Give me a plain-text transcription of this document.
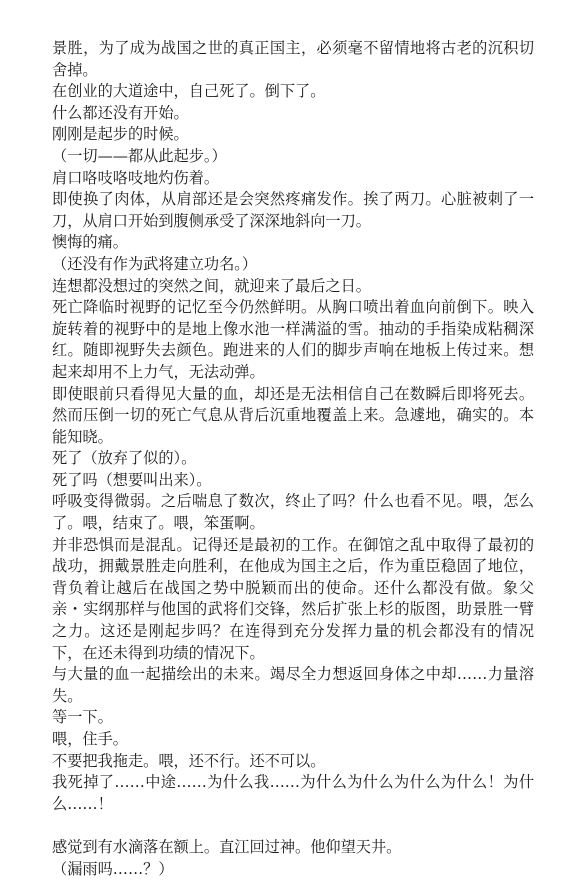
景胜，为了成为战国之世的真正国主，必须毫不留情地将古老的沉积切舍掉。

在创业的大道途中，自己死了。倒下了。

什么都还没有开始。

刚刚是起步的时候。

（一切——都从此起步。）

肩口咯吱咯吱地灼伤着。

即使换了肉体，从肩部还是会突然疼痛发作。挨了两刀。心脏被刺了一刀，从肩口开始到腹侧承受了深深地斜向一刀。

懊悔的痛。

（还没有作为武将建立功名。）

连想都没想过的突然之间，就迎来了最后之日。

死亡降临时视野的记忆至今仍然鲜明。从胸口喷出着血向前倒下。映入旋转着的视野中的是地上像水池一样满溢的雪。抽动的手指染成粘稠深红。随即视野失去颜色。跑进来的人们的脚步声响在地板上传过来。想起来却用不上力气，无法动弹。

即使眼前只看得见大量的血，却还是无法相信自己在数瞬后即将死去。然而压倒一切的死亡气息从背后沉重地覆盖上来。急遽地，确实的。本能知晓。

死了（放弃了似的）。

死了吗（想要叫出来）。

呼吸变得微弱。之后喘息了数次，终止了吗？什么也看不见。喂，怎么了。喂，结束了。喂，笨蛋啊。

并非恐惧而是混乱。记得还是最初的工作。在御馆之乱中取得了最初的战功，拥戴景胜走向胜利，在他成为国主之后，作为重臣稳固了地位，背负着让越后在战国之势中脱颖而出的使命。还什么都没有做。象父亲・实纲那样与他国的武将们交锋，然后扩张上杉的版图，助景胜一臂之力。这还是刚起步吗？在连得到充分发挥力量的机会都没有的情况下，在还未得到功绩的情况下。

与大量的血一起描绘出的未来。竭尽全力想返回身体之中却……力量溶失。

等一下。

喂，住手。

不要把我拖走。喂，还不行。还不可以。

我死掉了……中途……为什么我……为什么为什么为什么为什么！为什么……！

感觉到有水滴落在额上。直江回过神。他仰望天井。

（漏雨吗……？）
